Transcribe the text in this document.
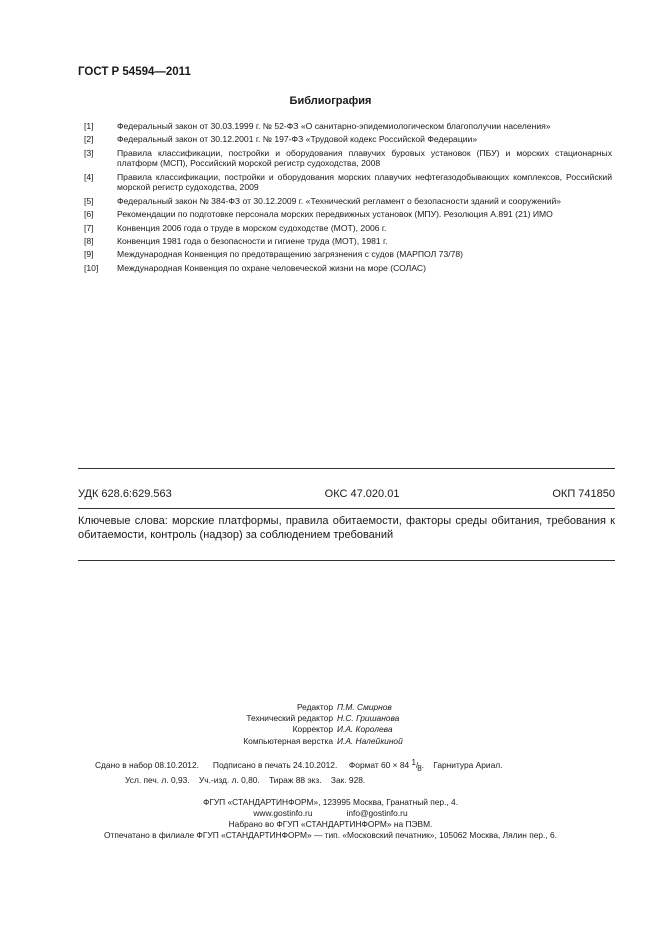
ГОСТ Р 54594—2011
Библиография
[1]	Федеральный закон от 30.03.1999 г. № 52-ФЗ «О санитарно-эпидемиологическом благополучии населения»
[2]	Федеральный закон от 30.12.2001 г. № 197-ФЗ «Трудовой кодекс Российской Федерации»
[3]	Правила классификации, постройки и оборудования плавучих буровых установок (ПБУ) и морских стационарных платформ (МСП), Российский морской регистр судоходства, 2008
[4]	Правила классификации, постройки и оборудования морских плавучих нефтегазодобывающих комплексов, Российский морской регистр судоходства, 2009
[5]	Федеральный закон № 384-ФЗ от 30.12.2009 г. «Технический регламент о безопасности зданий и сооружений»
[6]	Рекомендации по подготовке персонала морских передвижных установок (МПУ). Резолюция A.891 (21) ИМО
[7]	Конвенция 2006 года о труде в морском судоходстве (МОТ), 2006 г.
[8]	Конвенция 1981 года о безопасности и гигиене труда (МОТ), 1981 г.
[9]	Международная Конвенция по предотвращению загрязнения с судов (МАРПОЛ 73/78)
[10]	Международная Конвенция по охране человеческой жизни на море (СОЛАС)
УДК 628.6:629.563	ОКС 47.020.01	ОКП 741850
Ключевые слова: морские платформы, правила обитаемости, факторы среды обитания, требования к обитаемости, контроль (надзор) за соблюдением требований
Редактор П.М. Смирнов
Технический редактор Н.С. Гришанова
Корректор И.А. Королева
Компьютерная верстка И.А. Налейкиной
Сдано в набор 08.10.2012. Подписано в печать 24.10.2012. Формат 60 × 84 1/8.    Гарнитура Ариал.
Усл. печ. л. 0,93. Уч.-изд. л. 0,80. Тираж 88 экз. Зак. 928.
ФГУП «СТАНДАРТИНФОРМ», 123995 Москва, Гранатный пер., 4.
www.gostinfo.ru	info@gostinfo.ru
Набрано во ФГУП «СТАНДАРТИНФОРМ» на ПЭВМ.
Отпечатано в филиале ФГУП «СТАНДАРТИНФОРМ» — тип. «Московский печатник», 105062 Москва, Лялин пер., 6.
